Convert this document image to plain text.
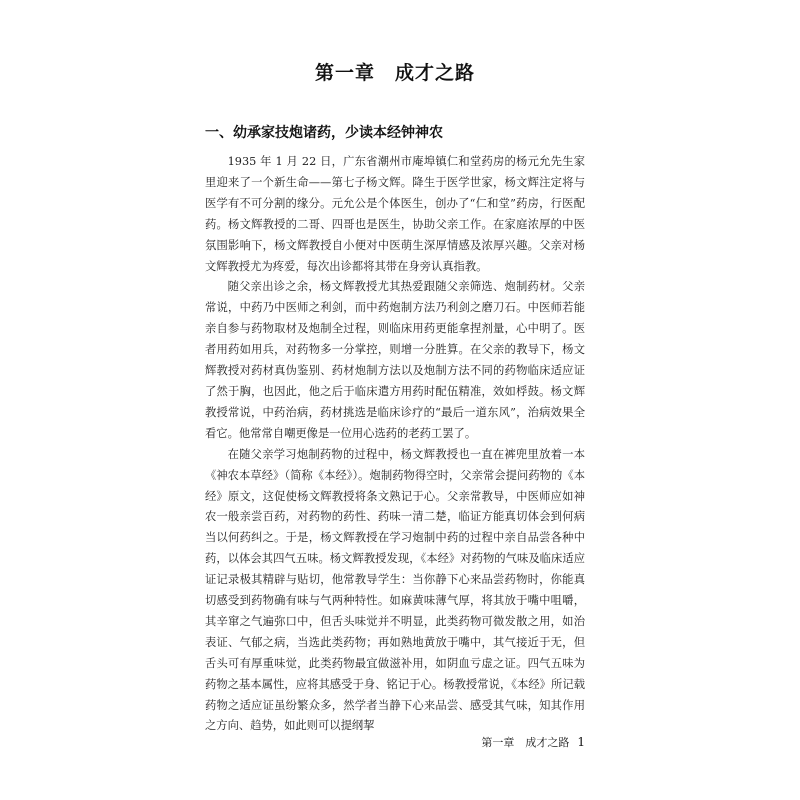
第一章　成才之路
一、幼承家技炮诸药，少读本经钟神农

1935 年 1 月 22 日，广东省潮州市庵埠镇仁和堂药房的杨元允先生家里迎来了一个新生命——第七子杨文辉。降生于医学世家，杨文辉注定将与医学有不可分割的缘分。元允公是个体医生，创办了“仁和堂”药房，行医配药。杨文辉教授的二哥、四哥也是医生，协助父亲工作。在家庭浓厚的中医氛围影响下，杨文辉教授自小便对中医萌生深厚情感及浓厚兴趣。父亲对杨文辉教授尤为疼爱，每次出诊都将其带在身旁认真指教。

随父亲出诊之余，杨文辉教授尤其热爱跟随父亲筛选、炮制药材。父亲常说，中药乃中医师之利剑，而中药炮制方法乃利剑之磨刀石。中医师若能亲自参与药物取材及炮制全过程，则临床用药更能拿捏剂量，心中明了。医者用药如用兵，对药物多一分掌控，则增一分胜算。在父亲的教导下，杨文辉教授对药材真伪鉴别、药材炮制方法以及炮制方法不同的药物临床适应证了然于胸，也因此，他之后于临床遣方用药时配伍精准，效如桴鼓。杨文辉教授常说，中药治病，药材挑选是临床诊疗的“最后一道东风”，治病效果全看它。他常常自嘲更像是一位用心选药的老药工罢了。

在随父亲学习炮制药物的过程中，杨文辉教授也一直在裤兜里放着一本《神农本草经》（简称《本经》）。炮制药物得空时，父亲常会提问药物的《本经》原文，这促使杨文辉教授将条文熟记于心。父亲常教导，中医师应如神农一般亲尝百药，对药物的药性、药味一清二楚，临证方能真切体会到何病当以何药纠之。于是，杨文辉教授在学习炮制中药的过程中亲自品尝各种中药，以体会其四气五味。杨文辉教授发现，《本经》对药物的气味及临床适应证记录极其精辟与贴切，他常教导学生：当你静下心来品尝药物时，你能真切感受到药物确有味与气两种特性。如麻黄味薄气厚，将其放于嘴中咀嚼，其辛窜之气遍弥口中，但舌头味觉并不明显，此类药物可微发散之用，如治表证、气郁之病，当选此类药物；再如熟地黄放于嘴中，其气接近于无，但舌头可有厚重味觉，此类药物最宜做滋补用，如阴血亏虚之证。四气五味为药物之基本属性，应将其感受于身、铭记于心。杨教授常说，《本经》所记载药物之适应证虽纷繁众多，然学者当静下心来品尝、感受其气味，知其作用之方向、趋势，如此则可以提纲挈

第一章　成才之路 1
